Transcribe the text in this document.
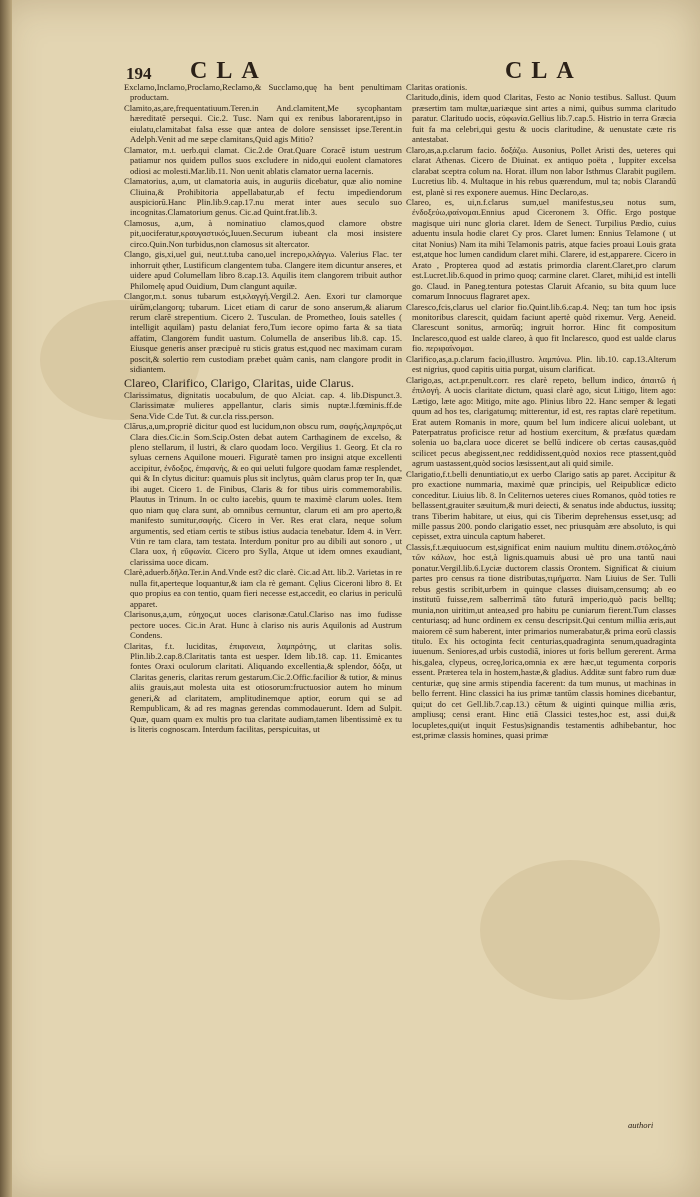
194 CLA	CLA

Exclamo,Inclamo,Proclamo,Reclamo,& Succlamo,quę ha bent penultimam productam.

Clamito,as,are,frequentatiuum.Teren.in And.clamitent,Me sycophantam hæreditatē persequi. Cic.2. Tusc. Nam qui ex renibus laborarent,ipso in eiulatu,clamitabat falsa esse quæ antea de dolore sensisset ipse.Terent.in Adelph.Venit ad me sæpe clamitans,Quid agis Mitio?

Clamator, m.t. uerb.qui clamat. Cic.2.de Orat.Quare Coracē istum uestrum patiamur nos quidem pullos suos excludere in nido,qui euolent clamatores odiosi ac molesti.Mar.lib.11. Non uenit ablatis clamator uerna lacernis.

Clamatorius, a,um, ut clamatoria auis, in auguriis dicebatur, quæ alio nomine Cliuina,& Prohibitoria appellabatur,ab ef fectu impediendorum auspiciorū.Hanc Plin.lib.9.cap.17.nu merat inter aues seculo suo incognitas.Clamatorium genus. Cic.ad Quint.frat.lib.3.

Clamosus, a,um, à nominatiuo clamos,quod clamore obstre pit,uociferatur,κραυγαστικός,Iuuen.Securum iubeant cla mosi insistere circo.Quin.Non turbidus,non clamosus sit altercator.

Clango, gis,xi,uel gui, neut.t.tuba cano,uel increpo,κλάγγω. Valerius Flac. ter inhorruit ęther, Lustificum clangentem tuba. Clangere item dicuntur anseres, et uidere apud Columellam libro 8.cap.13. Aquilis item clangorem tribuit author Philomelę apud Ouidium, Dum clangunt aquilæ.

Clangor,m.t. sonus tubarum est,κλαγγή.Vergil.2. Aen. Exori tur clamorque uirūm,clangorq; tubarum. Licet etiam di carur de sono anserum,& aliarum rerum clarē strepentium. Cicero 2. Tusculan. de Prometheo, Iouis satelles ( intelligit aquilam) pastu delaniat fero,Tum iecore opimo farta & sa tiata affatim, Clangorem fundit uastum. Columella de anseribus lib.8. cap. 15. Eiusque generis anser præcipuè ru sticis gratus est,quod nec maximam curam poscit,& solertio rem custodiam præbet quàm canis, nam clangore prodit in sidiantem.

Clareo, Clarifico, Clarigo, Claritas, uide Clarus.

Clarissimatus, dignitatis uocabulum, de quo Alciat. cap. 4. lib.Dispunct.3. Clarissimatæ mulieres appellantur, claris simis nuptæ.l.fœminis.ff.de Sena.Vide C.de Tut. & cur.cla riss.person.

Clārus,a,um,propriè dicitur quod est lucidum,non obscu rum, σαφής,λαμπρός,ut Clara dies.Cic.in Som.Scip.Osten debat autem Carthaginem de excelso, & pleno stellarum, il lustri, & claro quodam loco. Vergilius 1. Georg. Et cla ro syluas cernens Aquilone moueri. Figuratè tamen pro insigni atque excellenti accipitur, ἐνδοξος, ἐπιφανής, & eo qui ueluti fulgore quodam famæ resplendet, qui & In clytus dicitur: quamuis plus sit inclytus, quàm clarus prop ter In, quæ ibi auget. Cicero 1. de Finibus, Claris & for tibus uiris commemorabilis. Plautus in Trinum. In oc culto iacebis, quum te maximè clarum uoles. Item quo niam quę clara sunt, ab omnibus cernuntur, clarum eti am pro aperto,& manifesto sumitur,σαφής. Cicero in Ver. Res erat clara, neque solum argumentis, sed etiam certis te stibus istius audacia tenebatur. Idem 4. in Verr. Vtin re tam clara, tam testata. Interdum ponitur pro au dibili aut sonoro , ut Clara uox, ἡ εὔφωνία. Cicero pro Sylla, Atque ut idem omnes exaudiant, clarissima uoce dicam.

Clarè,aduerb.δῆλα.Ter.in And.Vnde est? dic clarè. Cic.ad Att. lib.2. Varietas in re nulla fit,aperteque loquantur,& iam cla rè gemant. Cęlius Ciceroni libro 8. Et quo propius ea con tentio, quam fieri necesse est,accedit, eo clarius in periculū apparet.

Clarisonus,a,um, εὐηχος,ut uoces clarisonæ.Catul.Clariso nas imo fudisse pectore uoces. Cic.in Arat. Hunc à clariso nis auris Aquilonis ad Austrum Condens.

Claritas, f.t. luciditas, ἐπιφανεια, λαμπρότης, ut claritas solis. Plin.lib.2.cap.8.Claritatis tanta est uesper. Idem lib.18. cap. 11. Emicantes fontes Oraxi oculorum claritati. Aliquando excellentia,& splendor, δόξα, ut Claritas generis, claritas rerum gestarum.Cic.2.Offic.facilior & tutior, & minus aliis grauis,aut molesta uita est otiosorum:fructuosior autem ho minum generi,& ad claritatem, amplitudinemque aptior, eorum qui se ad Rempublicam, & ad res magnas gerendas commodauerunt. Idem ad Sulpit. Quæ, quam quam ex multis pro tua claritate audiam,tamen libentissimè ex tu is literis cognoscam. Interdum facilitas, perspicuitas, ut

Claritas orationis.

Claritudo,dinis, idem quod Claritas, Festo ac Nonio testibus. Sallust. Quum præsertim tam multæ,uariæque sint artes a nimi, quibus summa claritudo paratur. Claritudo uocis, εὐφωνία.Gellius lib.7.cap.5. Histrio in terra Græcia fuit fa ma celebri,qui gestu & uocis claritudine, & uenustate cæte ris antestabat.

Claro,as,a.p.clarum facio. δοξάζω. Ausonius, Pollet Aristi des, ueteres qui clarat Athenas. Cicero de Diuinat. ex antiquo poëta , Iuppiter excelsa clarabat sceptra colum na. Horat. illum non labor Isthmus Clarabit pugilem. Lucretius lib. 4. Multaque in his rebus quærendum, mul ta; nobis Clarandū est, planè si res exponere auemus. Hinc Declaro,as.

Clareo, es, ui,n.f.clarus sum,uel manifestus,seu notus sum, ἐνδοξεύω,φαίνομαι.Ennius apud Ciceronem 3. Offic. Ergo postque magisque uiri nunc gloria claret. Idem de Senect. Turpilius Pædio, cuius aduentu insula hodie claret Cy pros. Claret lumen: Ennius Telamone ( ut citat Nonius) Nam ita mihi Telamonis patris, atque facies proaui Louis grata est,atque hoc lumen candidum claret mihi. Clarere, id est,apparere. Cicero in Arato , Propterea quod ad æstatis primordia clarent.Claret,pro clarum est.Lucret.lib.6.quod in primo quoq; carmine claret. Claret, mihi,id est intelli go. Claud. in Paneg.tentura potestas Claruit Afcanio, su bita quum luce comarum Innocuus flagraret apex.

Claresco,fcis,clarus uel clarior fio.Quint.lib.6.cap.4. Neq; tan tum hoc ipsis monitoribus clarescit, quidam faciunt apertè quòd rixemur. Verg. Aeneid. Clarescunt sonitus, armorūq; ingruit horror. Hinc fit compositum Inclaresco,quod est ualde clareo, à quo fit Inclaresco, quod est ualde clarus fio. περιφαίνομαι.

Clarifico,as,a.p.clarum facio,illustro. λαμπύνω. Plin. lib.10. cap.13.Alterum est nigrius, quod capitis uitia purgat, uisum clarificat.

Clarigo,as, act.pr.penult.corr. res clarè repeto, bellum indico, ἀπαιτῶ ή ἐπιλογή. A uocis claritate dictum, quasi clarè ago, sicut Litigo, litem ago: Lætigo, læte ago: Mitigo, mite ago. Plinius libro 22. Hanc semper & legati quum ad hos tes, clarigatumq; mitterentur, id est, res raptas clarè repetitum. Erat autem Romanis in more, quum bel lum indicere alicui uolebant, ut Paterpatratus proficisce retur ad hostium exercitum, & præfatus quædam solenia uo ba,clara uoce diceret se bellū indicere ob certas causas,quòd scilicet pecus abegissent,nec reddidissent,quòd noxios rece ptassent,quòd agrum uastassent,quòd socios læsissent,aut ali quid simile.

Clarigatio,f.t.belli denuntiatio,ut ex uerbo Clarigo satis ap paret. Accipitur & pro exactione nummaria, maximè quæ principis, uel Reipublicæ edicto conceditur. Liuius lib. 8. In Celiternos ueteres ciues Romanos, quòd toties re bellassent,grauiter sæuitum,& muri deiecti, & senatus inde abductus, iussitq; trans Tiberim habitare, ut eius, qui cis Tiberim deprehensus esset,usq; ad mille passus 200. pondo clarigatio esset, nec priusquàm ære absoluto, is qui cepisset, extra uincula captum haberet.

Classis,f.t.æquiuocum est,significat enim nauium multitu dinem.στόλος,ἀπὸ τῶν κάλων, hoc est,à lignis.quamuis abusi uè pro una tantū naui ponatur.Vergil.lib.6.Lyciæ ductorem classis Orontem. Significat & ciuium partes pro census ra tione distributas,τιμήματα. Nam Liuius de Ser. Tulli rebus gestis scribit,urbem in quinque classes diuisam,censumq; ab eo institutū fuisse,rem salberrimā tāto futurā imperio,quò pacis bellīq; munia,non uiritim,ut antea,sed pro habitu pe cuniarum fierent.Tum classes centuriasq; ad hunc ordinem ex censu descripsit.Qui centum millia æris,aut maiorem cē sum haberent, inter primarios numerabatur,& prima eorū classis titulo. Ex his octoginta fecit centurias,quadraginta senum,quadraginta iuuenum. Seniores,ad urbis custodiā, iniores ut foris bellum gererent. Arma his,galea, clypeus, ocreę,lorica,omnia ex ære hæc,ut tegumenta corporis essent. Præterea tela in hostem,hastæ,& gladius. Additæ sunt fabro rum duæ centuriæ, quę sine armis stipendia facerent: da tum munus, ut machinas in bello ferrent. Hinc classici ha ius primæ tantūm classis homines dicebantur, qui;ut do cet Gell.lib.7.cap.13.) cētum & uiginti quinque millia æris, ampliusq; censi erant. Hinc etiā Classici testes,hoc est, assi dui,& locupletes,qui(ut inquit Festus)signandis testamentis adhibebantur, hoc est,primæ classis homines, quasi primæ

authori
